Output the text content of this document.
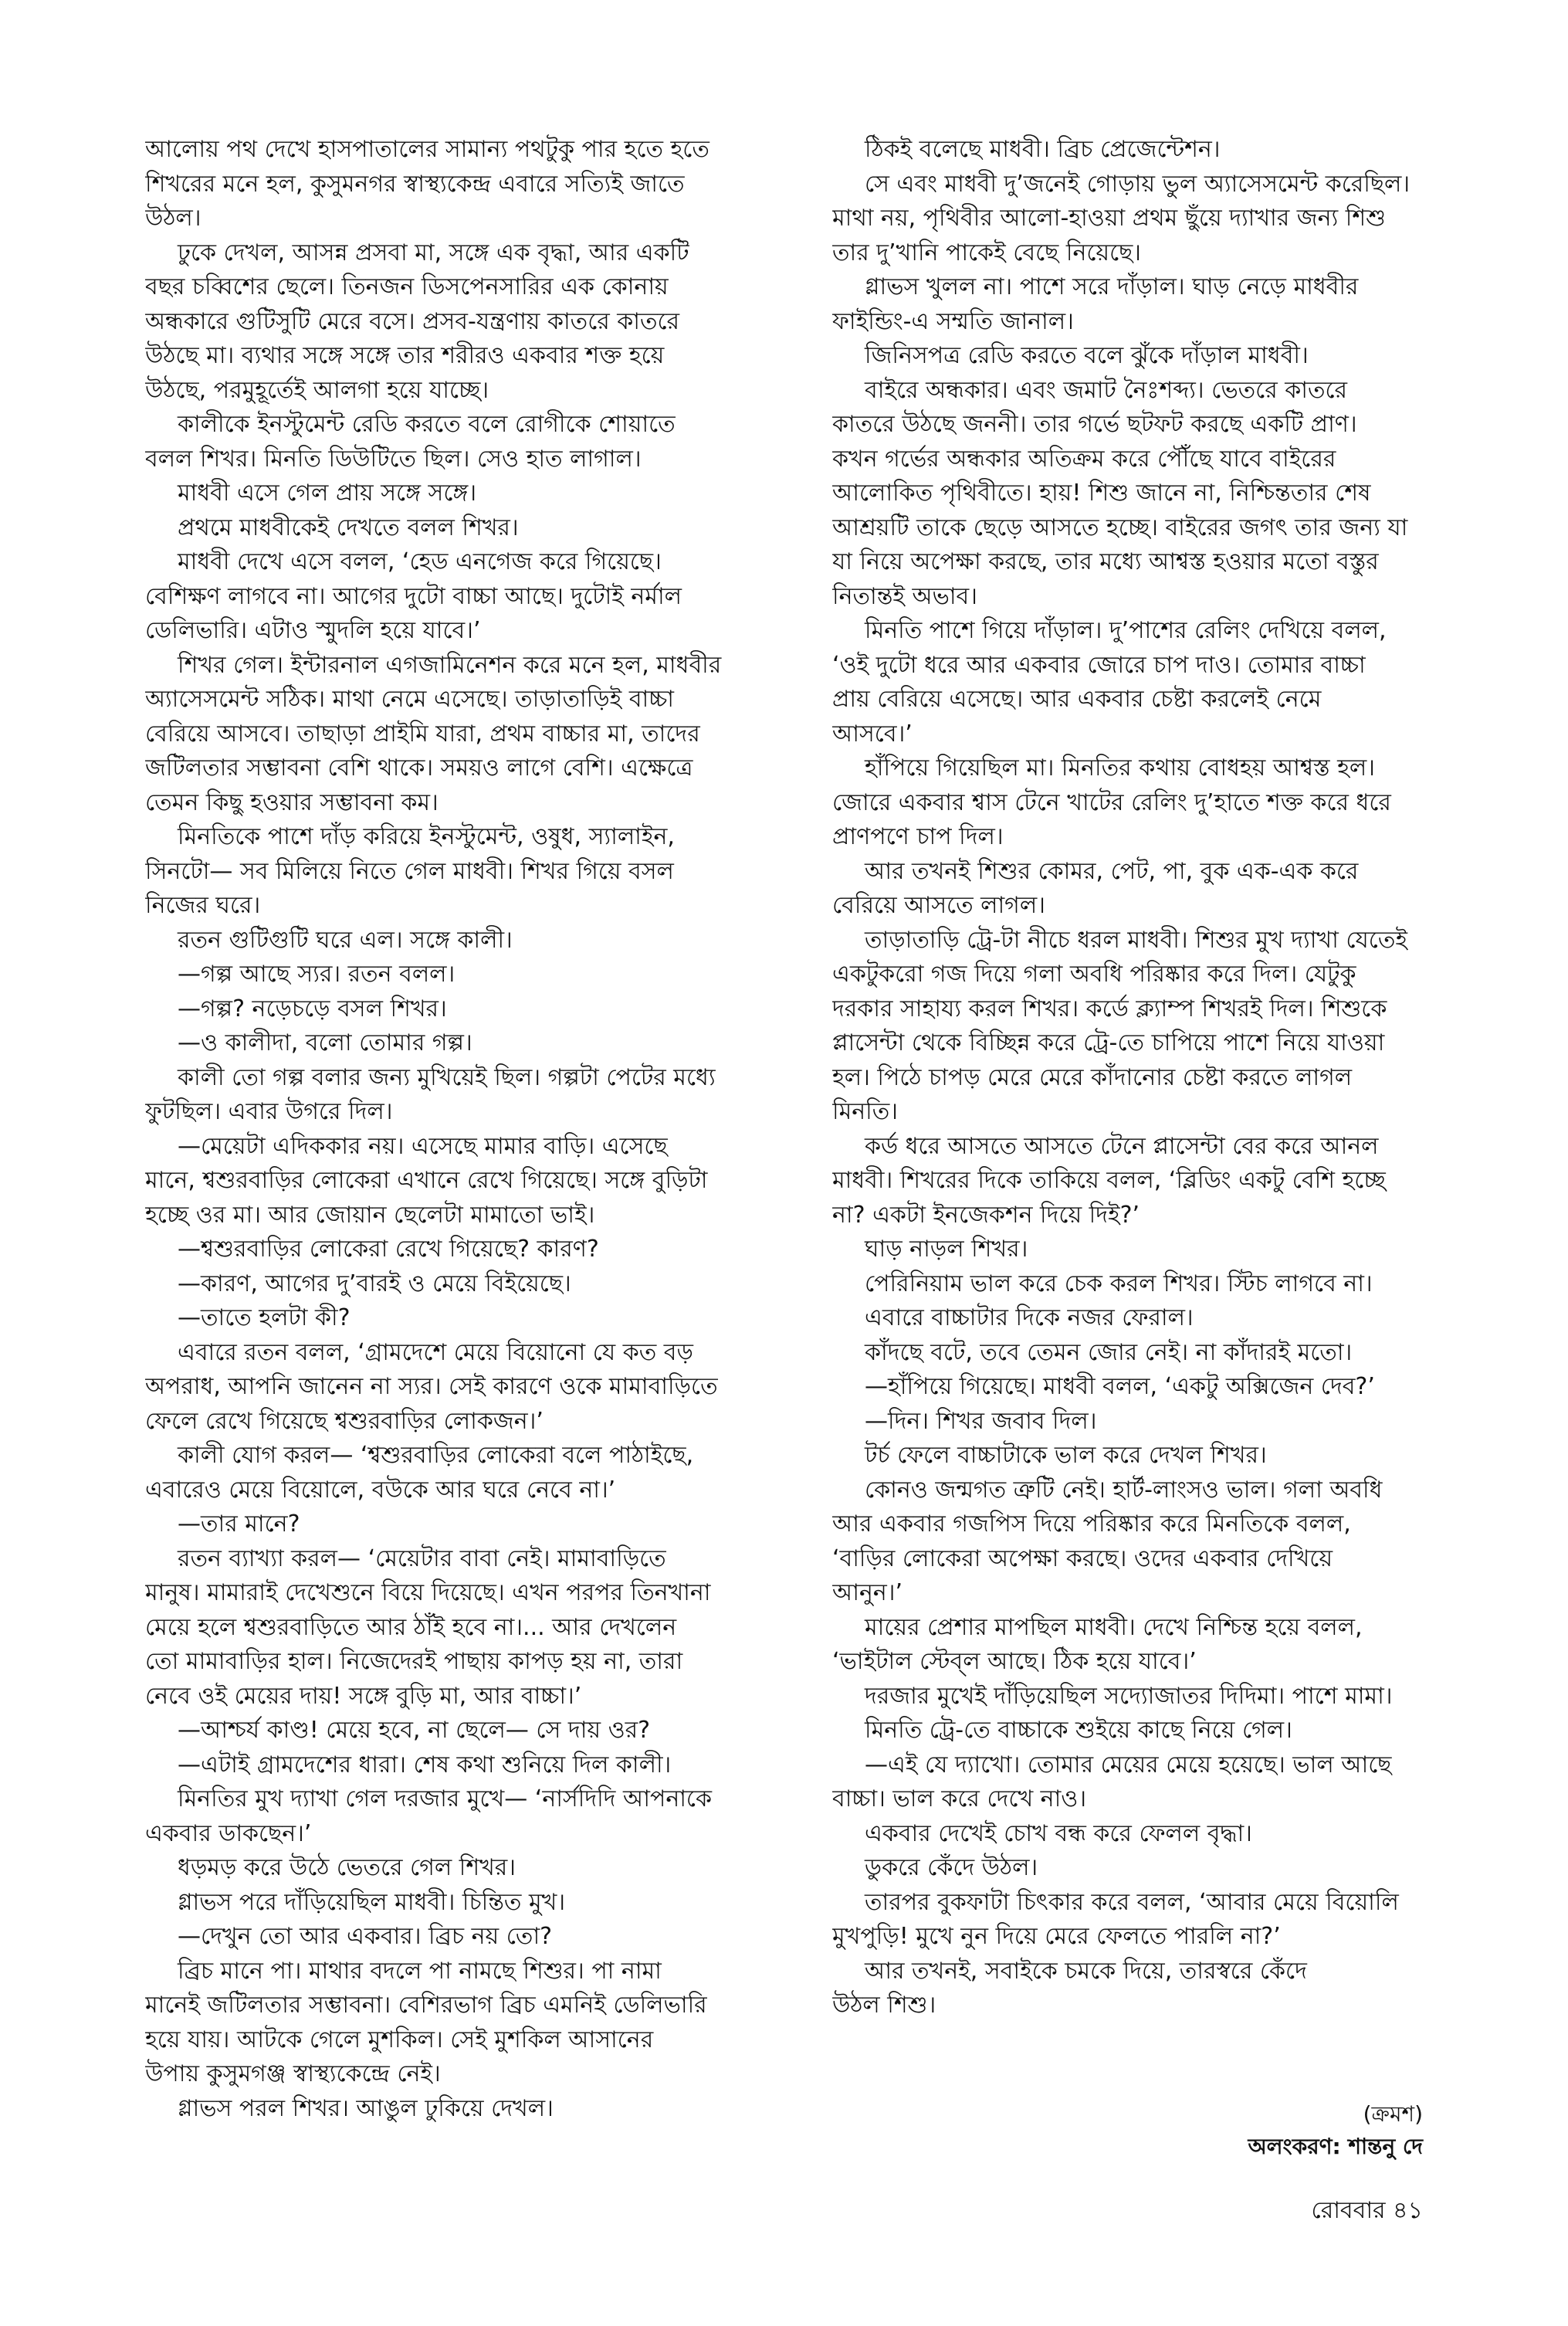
আলোয় পথ দেখে হাসপাতালের সামান্য পথটুকু পার হতে হতে
শিখরের মনে হল, কুসুমনগর স্বাস্থ্যকেন্দ্র এবারে সত্যিই জাতে
উঠল।
ঢুকে দেখল, আসন্ন প্রসবা মা, সঙ্গে এক বৃদ্ধা, আর একটি
বছর চব্বিশের ছেলে। তিনজন ডিসপেনসারির এক কোনায়
অন্ধকারে গুটিসুটি মেরে বসে। প্রসব-যন্ত্রণায় কাতরে কাতরে
উঠছে মা। ব্যথার সঙ্গে সঙ্গে তার শরীরও একবার শক্ত হয়ে
উঠছে, পরমুহূর্তেই আলগা হয়ে যাচ্ছে।
কালীকে ইনস্টুমেন্ট রেডি করতে বলে রোগীকে শোয়াতে
বলল শিখর। মিনতি ডিউটিতে ছিল। সেও হাত লাগাল।
মাধবী এসে গেল প্রায় সঙ্গে সঙ্গে।
প্রথমে মাধবীকেই দেখতে বলল শিখর।
মাধবী দেখে এসে বলল, ‘হেড এনগেজ করে গিয়েছে।
বেশিক্ষণ লাগবে না। আগের দুটো বাচ্চা আছে। দুটোই নর্মাল
ডেলিভারি। এটাও স্মুদলি হয়ে যাবে।’
শিখর গেল। ইন্টারনাল এগজামিনেশন করে মনে হল, মাধবীর
অ্যাসেসমেন্ট সঠিক। মাথা নেমে এসেছে। তাড়াতাড়িই বাচ্চা
বেরিয়ে আসবে। তাছাড়া প্রাইমি যারা, প্রথম বাচ্চার মা, তাদের
জটিলতার সম্ভাবনা বেশি থাকে। সময়ও লাগে বেশি। এক্ষেত্রে
তেমন কিছু হওয়ার সম্ভাবনা কম।
মিনতিকে পাশে দাঁড় করিয়ে ইনস্টুমেন্ট, ওষুধ, স্যালাইন,
সিনটো— সব মিলিয়ে নিতে গেল মাধবী। শিখর গিয়ে বসল
নিজের ঘরে।
রতন গুটিগুটি ঘরে এল। সঙ্গে কালী।
—গল্প আছে স্যর। রতন বলল।
—গল্প? নড়েচড়ে বসল শিখর।
—ও কালীদা, বলো তোমার গল্প।
কালী তো গল্প বলার জন্য মুখিয়েই ছিল। গল্পটা পেটের মধ্যে
ফুটছিল। এবার উগরে দিল।
—মেয়েটা এদিককার নয়। এসেছে মামার বাড়ি। এসেছে
মানে, শ্বশুরবাড়ির লোকেরা এখানে রেখে গিয়েছে। সঙ্গে বুড়িটা
হচ্ছে ওর মা। আর জোয়ান ছেলেটা মামাতো ভাই।
—শ্বশুরবাড়ির লোকেরা রেখে গিয়েছে? কারণ?
—কারণ, আগের দু’বারই ও মেয়ে বিইয়েছে।
—তাতে হলটা কী?
এবারে রতন বলল, ‘গ্রামদেশে মেয়ে বিয়োনো যে কত বড়
অপরাধ, আপনি জানেন না স্যর। সেই কারণে ওকে মামাবাড়িতে
ফেলে রেখে গিয়েছে শ্বশুরবাড়ির লোকজন।’
কালী যোগ করল— ‘শ্বশুরবাড়ির লোকেরা বলে পাঠাইছে,
এবারেও মেয়ে বিয়োলে, বউকে আর ঘরে নেবে না।’
—তার মানে?
রতন ব্যাখ্যা করল— ‘মেয়েটার বাবা নেই। মামাবাড়িতে
মানুষ। মামারাই দেখেশুনে বিয়ে দিয়েছে। এখন পরপর তিনখানা
মেয়ে হলে শ্বশুরবাড়িতে আর ঠাঁই হবে না।... আর দেখলেন
তো মামাবাড়ির হাল। নিজেদেরই পাছায় কাপড় হয় না, তারা
নেবে ওই মেয়ের দায়! সঙ্গে বুড়ি মা, আর বাচ্চা।’
—আশ্চর্য কাণ্ড! মেয়ে হবে, না ছেলে— সে দায় ওর?
—এটাই গ্রামদেশের ধারা। শেষ কথা শুনিয়ে দিল কালী।
মিনতির মুখ দ্যাখা গেল দরজার মুখে— ‘নার্সদিদি আপনাকে
একবার ডাকছেন।’
ধড়মড় করে উঠে ভেতরে গেল শিখর।
গ্লাভস পরে দাঁড়িয়েছিল মাধবী। চিন্তিত মুখ।
—দেখুন তো আর একবার। ব্রিচ নয় তো?
ব্রিচ মানে পা। মাথার বদলে পা নামছে শিশুর। পা নামা
মানেই জটিলতার সম্ভাবনা। বেশিরভাগ ব্রিচ এমনিই ডেলিভারি
হয়ে যায়। আটকে গেলে মুশকিল। সেই মুশকিল আসানের
উপায় কুসুমগঞ্জ স্বাস্থ্যকেন্দ্রে নেই।
গ্লাভস পরল শিখর। আঙুল ঢুকিয়ে দেখল।
ঠিকই বলেছে মাধবী। ব্রিচ প্রেজেন্টেশন।
সে এবং মাধবী দু’জনেই গোড়ায় ভুল অ্যাসেসমেন্ট করেছিল।
মাথা নয়, পৃথিবীর আলো-হাওয়া প্রথম ছুঁয়ে দ্যাখার জন্য শিশু
তার দু’খানি পাকেই বেছে নিয়েছে।
গ্লাভস খুলল না। পাশে সরে দাঁড়াল। ঘাড় নেড়ে মাধবীর
ফাইন্ডিং-এ সম্মতি জানাল।
জিনিসপত্র রেডি করতে বলে ঝুঁকে দাঁড়াল মাধবী।
বাইরে অন্ধকার। এবং জমাট নৈঃশব্দ্য। ভেতরে কাতরে
কাতরে উঠছে জননী। তার গর্ভে ছটফট করছে একটি প্রাণ।
কখন গর্ভের অন্ধকার অতিক্রম করে পৌঁছে যাবে বাইরের
আলোকিত পৃথিবীতে। হায়! শিশু জানে না, নিশ্চিন্ততার শেষ
আশ্রয়টি তাকে ছেড়ে আসতে হচ্ছে। বাইরের জগৎ তার জন্য যা
যা নিয়ে অপেক্ষা করছে, তার মধ্যে আশ্বস্ত হওয়ার মতো বস্তুর
নিতান্তই অভাব।
মিনতি পাশে গিয়ে দাঁড়াল। দু’পাশের রেলিং দেখিয়ে বলল,
‘ওই দুটো ধরে আর একবার জোরে চাপ দাও। তোমার বাচ্চা
প্রায় বেরিয়ে এসেছে। আর একবার চেষ্টা করলেই নেমে
আসবে।’
হাঁপিয়ে গিয়েছিল মা। মিনতির কথায় বোধহয় আশ্বস্ত হল।
জোরে একবার শ্বাস টেনে খাটের রেলিং দু’হাতে শক্ত করে ধরে
প্রাণপণে চাপ দিল।
আর তখনই শিশুর কোমর, পেট, পা, বুক এক-এক করে
বেরিয়ে আসতে লাগল।
তাড়াতাড়ি ট্রে-টা নীচে ধরল মাধবী। শিশুর মুখ দ্যাখা যেতেই
একটুকরো গজ দিয়ে গলা অবধি পরিষ্কার করে দিল। যেটুকু
দরকার সাহায্য করল শিখর। কর্ডে ক্ল্যাম্প শিখরই দিল। শিশুকে
প্লাসেন্টা থেকে বিচ্ছিন্ন করে ট্রে-তে চাপিয়ে পাশে নিয়ে যাওয়া
হল। পিঠে চাপড় মেরে মেরে কাঁদানোর চেষ্টা করতে লাগল
মিনতি।
কর্ড ধরে আসতে আসতে টেনে প্লাসেন্টা বের করে আনল
মাধবী। শিখরের দিকে তাকিয়ে বলল, ‘ব্লিডিং একটু বেশি হচ্ছে
না? একটা ইনজেকশন দিয়ে দিই?’
ঘাড় নাড়ল শিখর।
পেরিনিয়াম ভাল করে চেক করল শিখর। স্টিচ লাগবে না।
এবারে বাচ্চাটার দিকে নজর ফেরাল।
কাঁদছে বটে, তবে তেমন জোর নেই। না কাঁদারই মতো।
—হাঁপিয়ে গিয়েছে। মাধবী বলল, ‘একটু অক্সিজেন দেব?’
—দিন। শিখর জবাব দিল।
টর্চ ফেলে বাচ্চাটাকে ভাল করে দেখল শিখর।
কোনও জন্মগত ত্রুটি নেই। হার্ট-লাংসও ভাল। গলা অবধি
আর একবার গজপিস দিয়ে পরিষ্কার করে মিনতিকে বলল,
‘বাড়ির লোকেরা অপেক্ষা করছে। ওদের একবার দেখিয়ে
আনুন।’
মায়ের প্রেশার মাপছিল মাধবী। দেখে নিশ্চিন্ত হয়ে বলল,
‘ভাইটাল স্টেব্‌ল আছে। ঠিক হয়ে যাবে।’
দরজার মুখেই দাঁড়িয়েছিল সদ্যোজাতর দিদিমা। পাশে মামা।
মিনতি ট্রে-তে বাচ্চাকে শুইয়ে কাছে নিয়ে গেল।
—এই যে দ্যাখো। তোমার মেয়ের মেয়ে হয়েছে। ভাল আছে
বাচ্চা। ভাল করে দেখে নাও।
একবার দেখেই চোখ বন্ধ করে ফেলল বৃদ্ধা।
ডুকরে কেঁদে উঠল।
তারপর বুকফাটা চিৎকার করে বলল, ‘আবার মেয়ে বিয়োলি
মুখপুড়ি! মুখে নুন দিয়ে মেরে ফেলতে পারলি না?’
আর তখনই, সবাইকে চমকে দিয়ে, তারস্বরে কেঁদে
উঠল শিশু।
(ক্রমশ)
অলংকরণ: শান্তনু দে
রোববার ৪১
